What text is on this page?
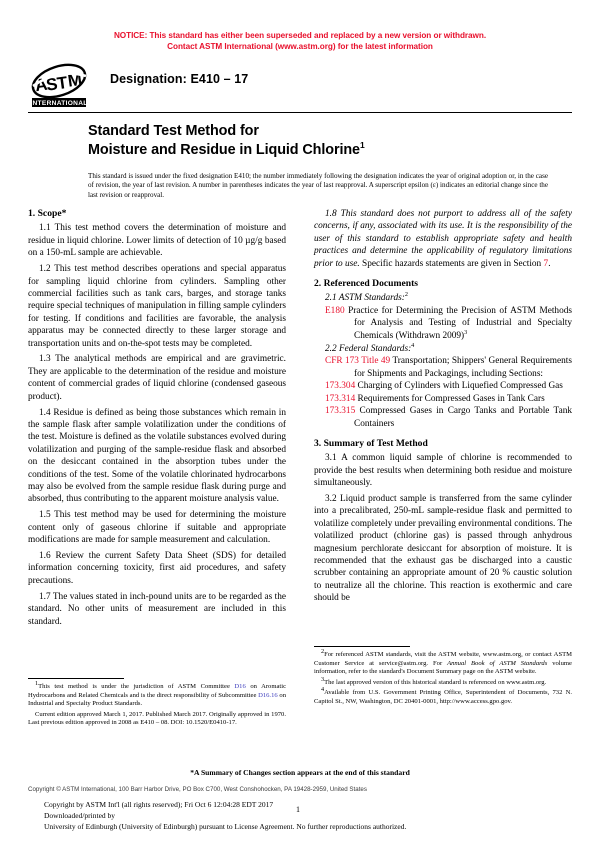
NOTICE: This standard has either been superseded and replaced by a new version or withdrawn.
Contact ASTM International (www.astm.org) for the latest information
A
S
T
M
INTERNATIONAL
Designation: E410 – 17
Standard Test Method for
Moisture and Residue in Liquid Chlorine$^1$
This standard is issued under the fixed designation E410; the number immediately following the designation indicates the year of original adoption or, in the case of revision, the year of last revision. A number in parentheses indicates the year of last reapproval. A superscript epsilon (ε) indicates an editorial change since the last revision or reapproval.
1. Scope*

1.1 This test method covers the determination of moisture and residue in liquid chlorine. Lower limits of detection of 10 µg/g based on a 150-mL sample are achievable.

1.2 This test method describes operations and special apparatus for sampling liquid chlorine from cylinders. Sampling other commercial facilities such as tank cars, barges, and storage tanks require special techniques of manipulation in filling sample cylinders for testing. If conditions and facilities are favorable, the analysis apparatus may be connected directly to these larger storage and transportation units and on-the-spot tests may be completed.

1.3 The analytical methods are empirical and are gravimetric. They are applicable to the determination of the residue and moisture content of commercial grades of liquid chlorine (condensed gaseous product).

1.4 Residue is defined as being those substances which remain in the sample flask after sample volatilization under the conditions of the test. Moisture is defined as the volatile substances evolved during volatilization and purging of the sample-residue flask and absorbed on the desiccant contained in the absorption tubes under the conditions of the test. Some of the volatile chlorinated hydrocarbons may also be evolved from the sample residue flask during purge and absorbed, thus contributing to the apparent moisture analysis value.

1.5 This test method may be used for determining the moisture content only of gaseous chlorine if suitable and appropriate modifications are made for sample measurement and calculation.

1.6 Review the current Safety Data Sheet (SDS) for detailed information concerning toxicity, first aid procedures, and safety precautions.

1.7 The values stated in inch-pound units are to be regarded as the standard. No other units of measurement are included in this standard.

1.8 This standard does not purport to address all of the safety concerns, if any, associated with its use. It is the responsibility of the user of this standard to establish appropriate safety and health practices and determine the applicability of regulatory limitations prior to use. Specific hazards statements are given in Section 7.

2. Referenced Documents
2.1 ASTM Standards:$^2$

E180 Practice for Determining the Precision of ASTM Methods for Analysis and Testing of Industrial and Specialty Chemicals (Withdrawn 2009)$^3$

2.2 Federal Standards:$^4$

CFR 173 Title 49 Transportation; Shippers' General Requirements for Shipments and Packagings, including Sections:

173.304 Charging of Cylinders with Liquefied Compressed Gas

173.314 Requirements for Compressed Gases in Tank Cars

173.315 Compressed Gases in Cargo Tanks and Portable Tank Containers

3. Summary of Test Method

3.1 A common liquid sample of chlorine is recommended to provide the best results when determining both residue and moisture simultaneously.

3.2 Liquid product sample is transferred from the same cylinder into a precalibrated, 250-mL sample-residue flask and permitted to volatilize completely under prevailing environmental conditions. The volatilized product (chlorine gas) is passed through anhydrous magnesium perchlorate desiccant for absorption of moisture. It is recommended that the exhaust gas be discharged into a caustic scrubber containing an appropriate amount of 20 % caustic solution to neutralize all the chlorine. This reaction is exothermic and care should be

$^1$This test method is under the jurisdiction of ASTM Committee D16 on Aromatic Hydrocarbons and Related Chemicals and is the direct responsibility of Subcommittee D16.16 on Industrial and Specialty Product Standards.

Current edition approved March 1, 2017. Published March 2017. Originally approved in 1970. Last previous edition approved in 2008 as E410 – 08. DOI: 10.1520/E0410-17.

$^2$For referenced ASTM standards, visit the ASTM website, www.astm.org, or contact ASTM Customer Service at service@astm.org. For Annual Book of ASTM Standards volume information, refer to the standard's Document Summary page on the ASTM website.

$^3$The last approved version of this historical standard is referenced on www.astm.org.

$^4$Available from U.S. Government Printing Office, Superintendent of Documents, 732 N. Capitol St., NW, Washington, DC 20401-0001, http://www.access.gpo.gov.

*A Summary of Changes section appears at the end of this standard
Copyright © ASTM International, 100 Barr Harbor Drive, PO Box C700, West Conshohocken, PA 19428-2959, United States
Copyright by ASTM Int'l (all rights reserved); Fri Oct 6 12:04:28 EDT 2017
Downloaded/printed by
University of Edinburgh (University of Edinburgh) pursuant to License Agreement. No further reproductions authorized.
1
